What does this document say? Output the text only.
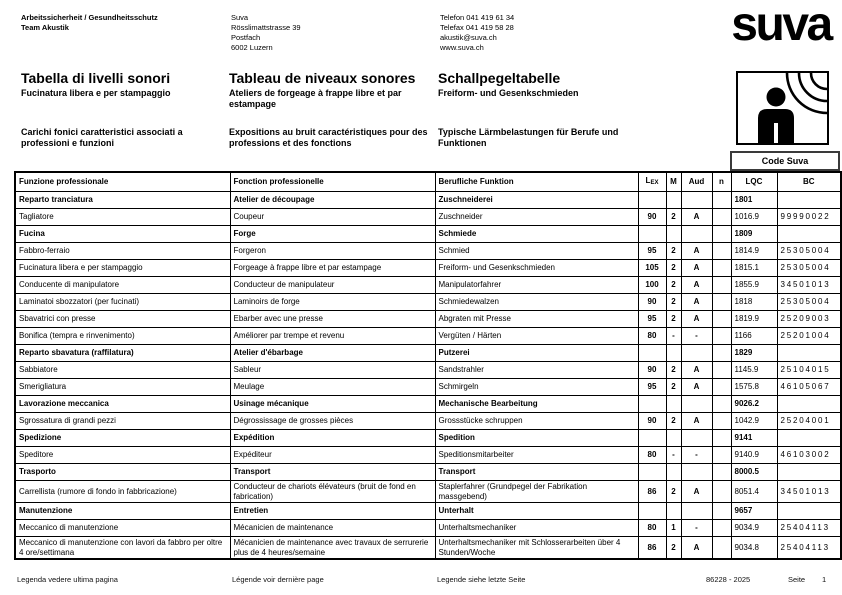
Arbeitssicherheit / Gesundheitsschutz
Team Akustik
Suva
Rösslimattstrasse 39
Postfach
6002 Luzern
Telefon 041 419 61 34
Telefax 041 419 58 28
akustik@suva.ch
www.suva.ch	suva
Tabella di livelli sonori

Fucinatura libera e per stampaggio

Tableau de niveaux sonores

Ateliers de forgeage à frappe libre et par estampage

Schallpegeltabelle

Freiform- und Gesenkschmieden

Carichi fonici caratteristici associati a professioni e funzioni
Expositions au bruit caractéristiques pour des professions et des fonctions
Typische Lärmbelastungen für Berufe und Funktionen
Code Suva
Funzione professionale	Fonction professionelle	Berufliche Funktion	LEX	M	Aud	n	LQC	BC
Reparto tranciatura	Atelier de découpage	Zuschneiderei					1801	
Tagliatore	Coupeur	Zuschneider	90	2	A		1016.9	99990022
Fucina	Forge	Schmiede					1809	
Fabbro-ferraio	Forgeron	Schmied	95	2	A		1814.9	25305004
Fucinatura libera e per stampaggio	Forgeage à frappe libre et par estampage	Freiform- und Gesenkschmieden	105	2	A		1815.1	25305004
Conducente di manipulatore	Conducteur de manipulateur	Manipulatorfahrer	100	2	A		1855.9	34501013
Laminatoi sbozzatori (per fucinati)	Laminoirs de forge	Schmiedewalzen	90	2	A		1818	25305004
Sbavatrici con presse	Ebarber avec une presse	Abgraten mit Presse	95	2	A		1819.9	25209003
Bonifica (tempra e rinvenimento)	Améliorer par trempe et revenu	Vergüten / Härten	80	-	-		1166	25201004
Reparto sbavatura (raffilatura)	Atelier d'ébarbage	Putzerei					1829	
Sabbiatore	Sableur	Sandstrahler	90	2	A		1145.9	25104015
Smerigliatura	Meulage	Schmirgeln	95	2	A		1575.8	46105067
Lavorazione meccanica	Usinage mécanique	Mechanische Bearbeitung					9026.2	
Sgrossatura di grandi pezzi	Dégrossissage de grosses pièces	Grossstücke schruppen	90	2	A		1042.9	25204001
Spedizione	Expédition	Spedition					9141	
Speditore	Expéditeur	Speditionsmitarbeiter	80	-	-		9140.9	46103002
Trasporto	Transport	Transport					8000.5	
Carrellista (rumore di fondo in fabbricazione)	Conducteur de chariots élévateurs (bruit de fond en fabrication)	Staplerfahrer (Grundpegel der Fabrikation massgebend)	86	2	A		8051.4	34501013
Manutenzione	Entretien	Unterhalt					9657	
Meccanico di manutenzione	Mécanicien de maintenance	Unterhaltsmechaniker	80	1	-		9034.9	25404113
Meccanico di manutenzione con lavori da fabbro per oltre 4 ore/settimana	Mécanicien de maintenance avec travaux de serrurerie plus de 4 heures/semaine	Unterhaltsmechaniker mit Schlosserarbeiten über 4 Stunden/Woche	86	2	A		9034.8	25404113
Legenda vedere ultima pagina	Légende voir dernière page	Legende siehe letzte Seite	86228 - 2025	Seite 1
